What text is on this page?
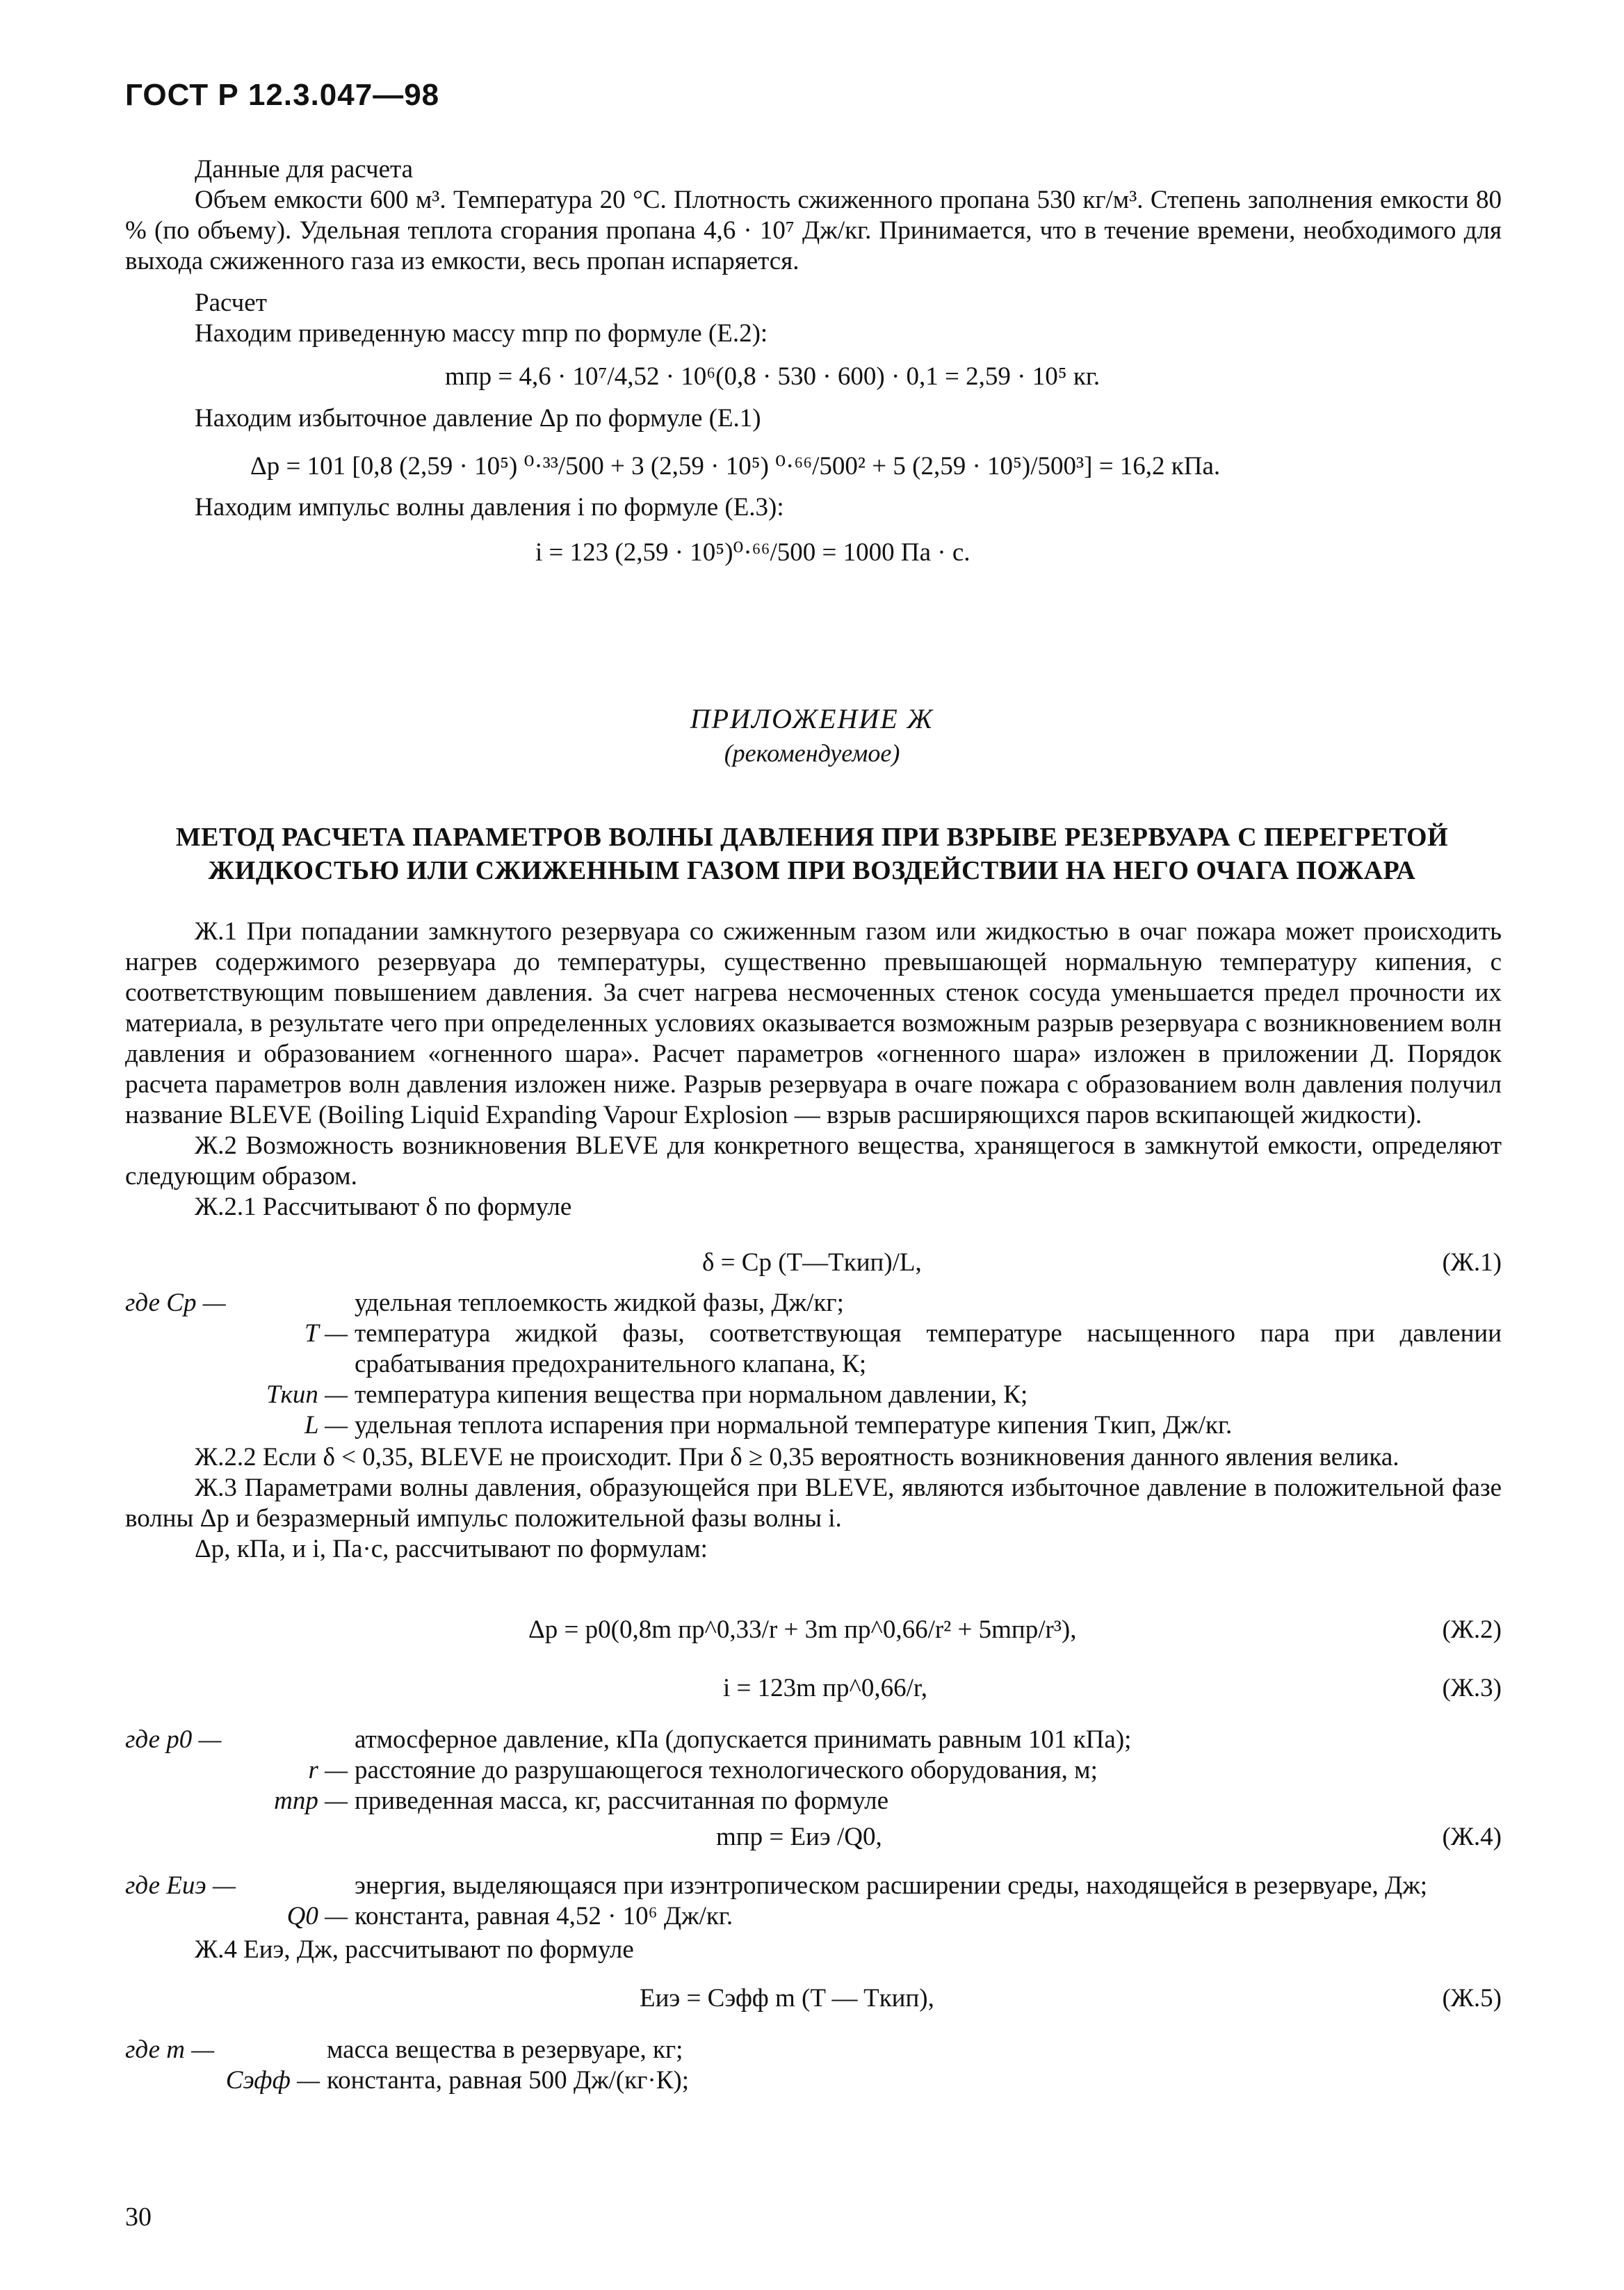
ГОСТ Р 12.3.047—98

Данные для расчета

Объем емкости 600 м³. Температура 20 °С. Плотность сжиженного пропана 530 кг/м³. Степень заполнения емкости 80 % (по объему). Удельная теплота сгорания пропана 4,6 · 10⁷ Дж/кг. Принимается, что в течение времени, необходимого для выхода сжиженного газа из емкости, весь пропан испаряется.

Расчет
Находим приведенную массу mпр по формуле (Е.2):
mпр = 4,6 · 10⁷/4,52 · 10⁶(0,8 · 530 · 600) · 0,1 = 2,59 · 10⁵ кг.
Находим избыточное давление Δp по формуле (Е.1)
Δp = 101 [0,8 (2,59 · 10⁵) ⁰·³³/500 + 3 (2,59 · 10⁵) ⁰·⁶⁶/500² + 5 (2,59 · 10⁵)/500³] = 16,2 кПа.
Находим импульс волны давления i по формуле (Е.3):
i = 123 (2,59 · 10⁵)⁰·⁶⁶/500 = 1000 Па · с.
ПРИЛОЖЕНИЕ Ж
(рекомендуемое)
МЕТОД РАСЧЕТА ПАРАМЕТРОВ ВОЛНЫ ДАВЛЕНИЯ ПРИ ВЗРЫВЕ РЕЗЕРВУАРА С ПЕРЕГРЕТОЙ
ЖИДКОСТЬЮ ИЛИ СЖИЖЕННЫМ ГАЗОМ ПРИ ВОЗДЕЙСТВИИ НА НЕГО ОЧАГА ПОЖАРА

Ж.1 При попадании замкнутого резервуара со сжиженным газом или жидкостью в очаг пожара может происходить нагрев содержимого резервуара до температуры, существенно превышающей нормальную температуру кипения, с соответствующим повышением давления. За счет нагрева несмоченных стенок сосуда уменьшается предел прочности их материала, в результате чего при определенных условиях оказывается возможным разрыв резервуара с возникновением волн давления и образованием «огненного шара». Расчет параметров «огненного шара» изложен в приложении Д. Порядок расчета параметров волн давления изложен ниже. Разрыв резервуара в очаге пожара с образованием волн давления получил название BLEVE (Boiling Liquid Expanding Vapour Explosion — взрыв расширяющихся паров вскипающей жидкости).

Ж.2 Возможность возникновения BLEVE для конкретного вещества, хранящегося в замкнутой емкости, определяют следующим образом.

Ж.2.1 Рассчитывают δ по формуле

δ = Cp (T—Tкип)/L,	(Ж.1)
где Cp —	удельная теплоемкость жидкой фазы, Дж/кг;
T — температура жидкой фазы, соответствующая температуре насыщенного пара при давлении срабатывания предохранительного клапана, К;
Tкип — температура кипения вещества при нормальном давлении, К;
L — удельная теплота испарения при нормальной температуре кипения Tкип, Дж/кг.

Ж.2.2 Если δ < 0,35, BLEVE не происходит. При δ ≥ 0,35 вероятность возникновения данного явления велика.

Ж.3 Параметрами волны давления, образующейся при BLEVE, являются избыточное давление в положительной фазе волны Δp и безразмерный импульс положительной фазы волны i.

Δp, кПа, и i, Па·с, рассчитывают по формулам:

Δp = p0(0,8m пр^0,33/r + 3m пр^0,66/r² + 5mпр/r³),	(Ж.2)
i = 123m пр^0,66/r,	(Ж.3)
где p0 —	атмосферное давление, кПа (допускается принимать равным 101 кПа);
r — расстояние до разрушающегося технологического оборудования, м;
mпр — приведенная масса, кг, рассчитанная по формуле
mпр = Eиэ /Q0,	(Ж.4)
где Eиэ —	энергия, выделяющаяся при изэнтропическом расширении среды, находящейся в резервуаре, Дж;
Q0 — константа, равная 4,52 · 10⁶ Дж/кг.
Ж.4 Eиэ, Дж, рассчитывают по формуле
Eиэ = Cэфф m (T — Tкип),	(Ж.5)
где m —	масса вещества в резервуаре, кг;
Cэфф — константа, равная 500 Дж/(кг·К);
30
